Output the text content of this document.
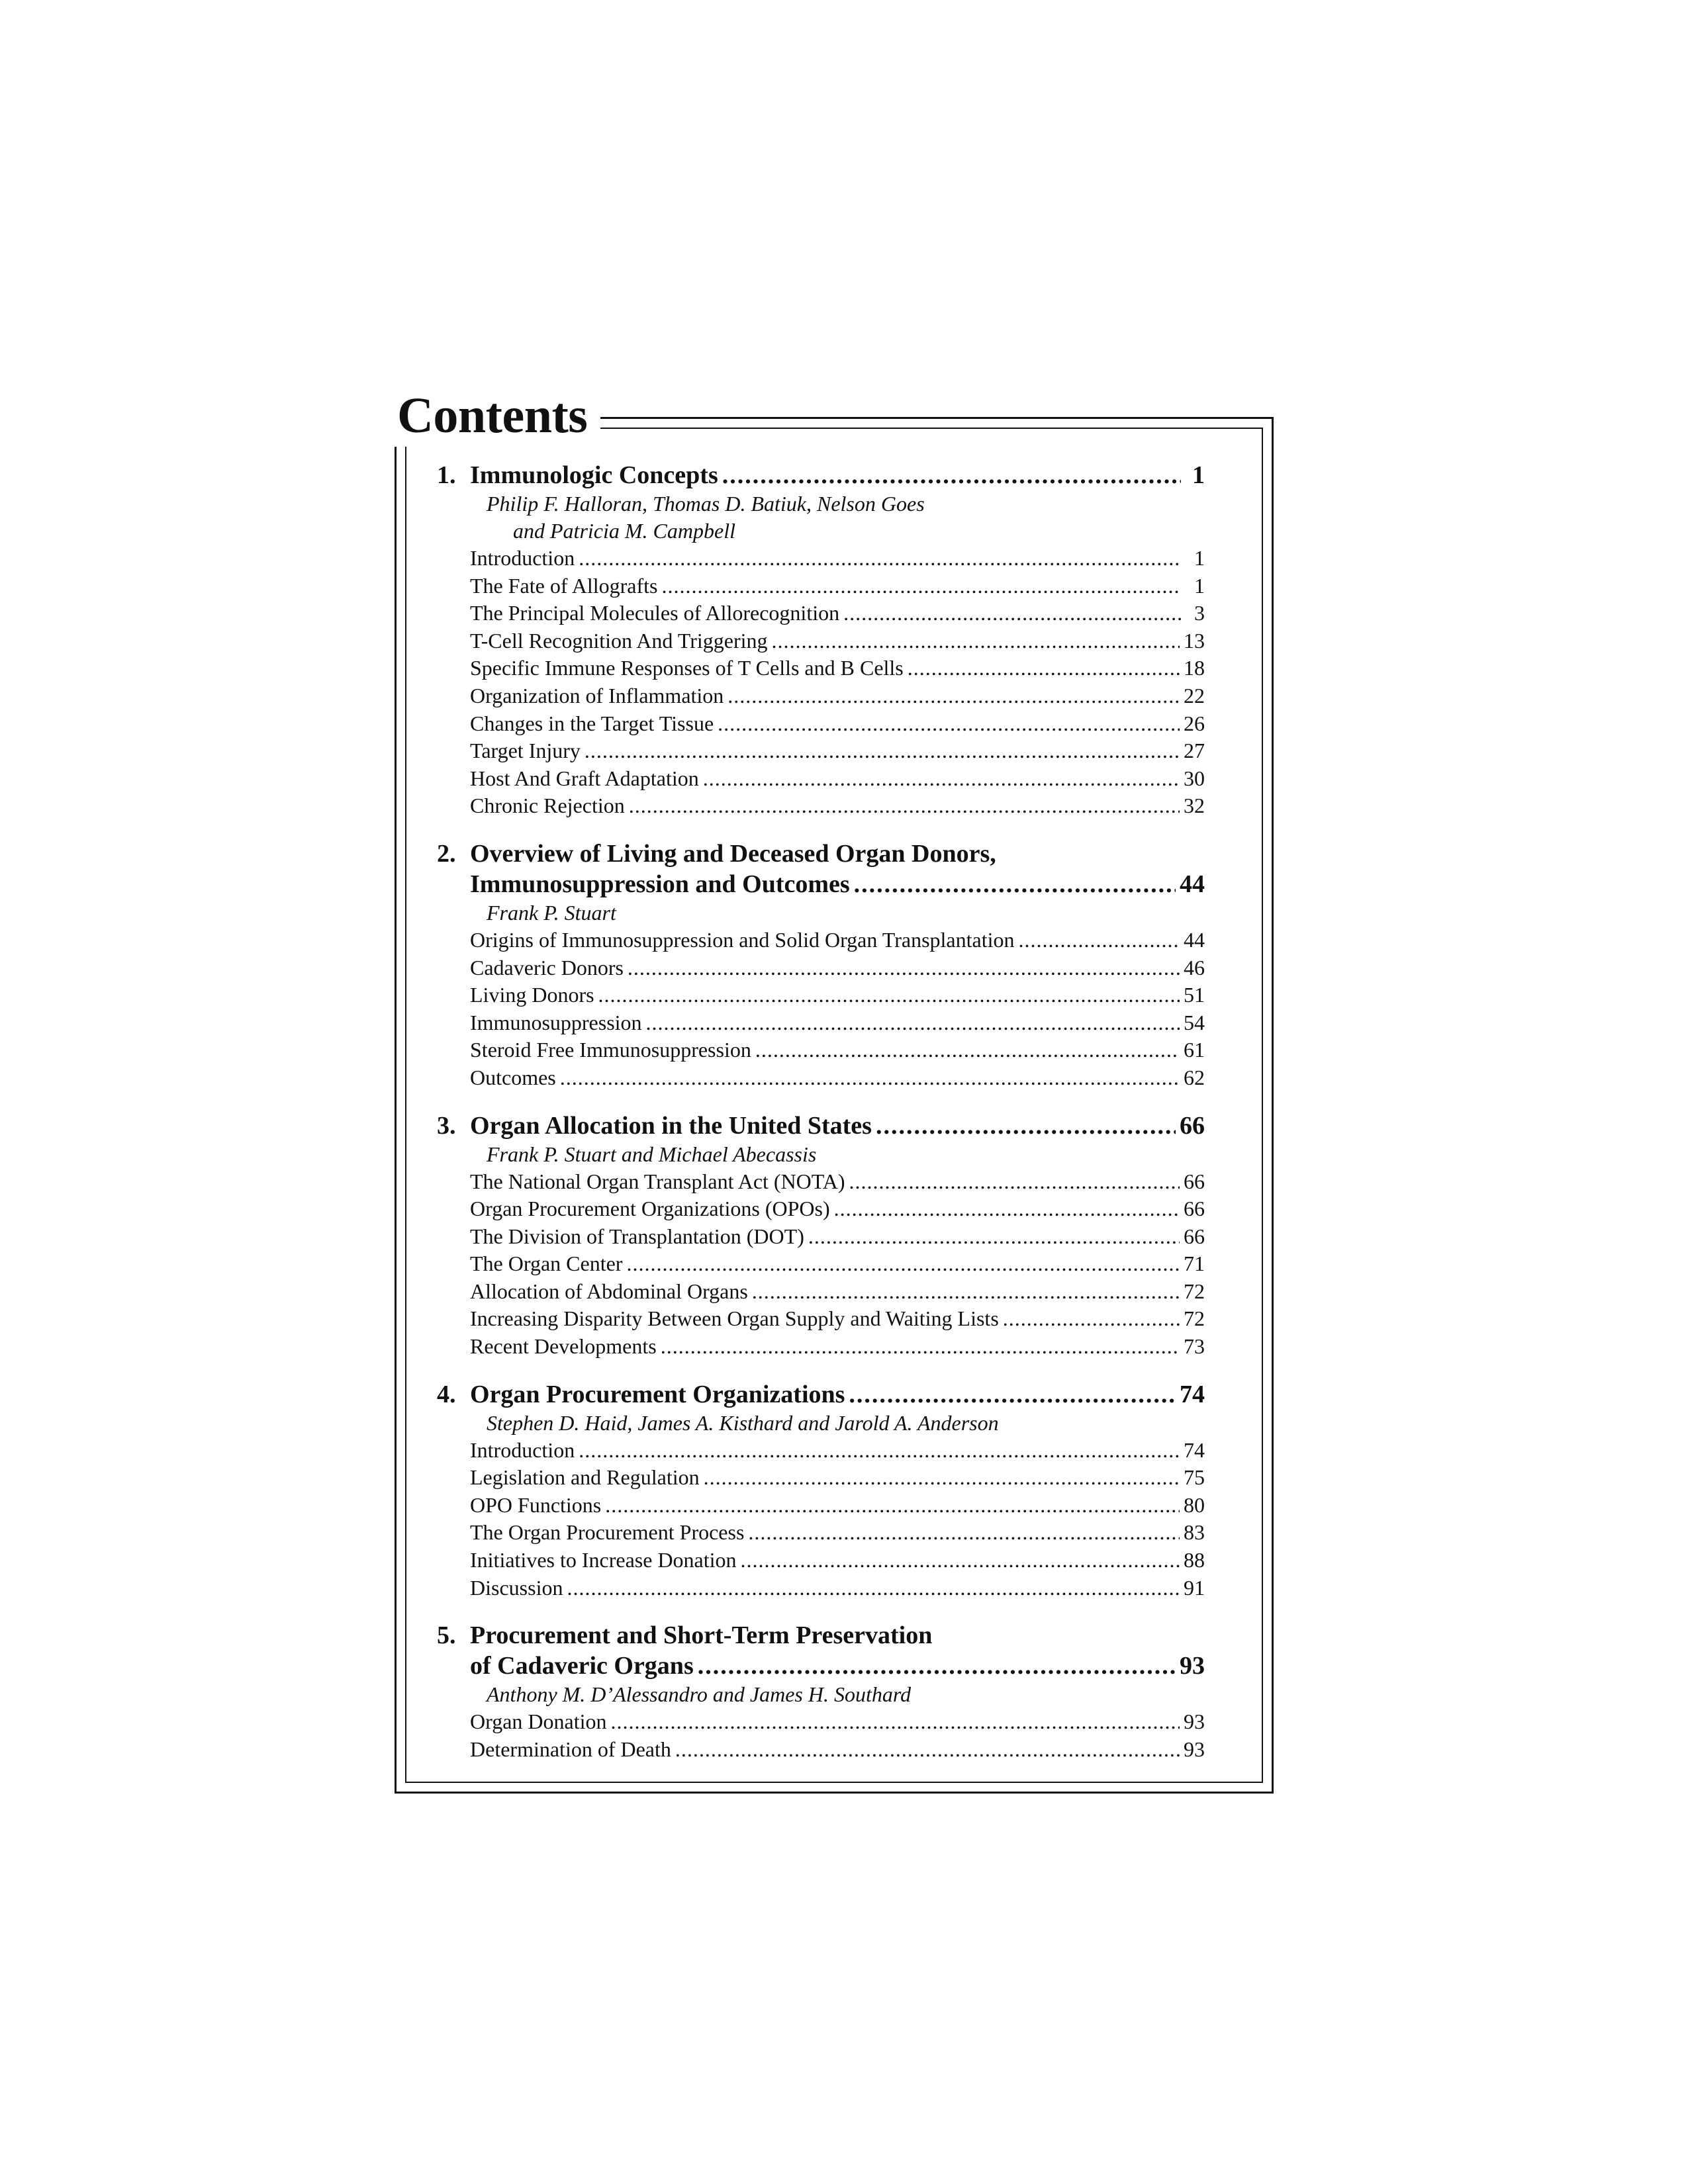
Contents
1. Immunologic Concepts .....	1
Philip F. Halloran, Thomas D. Batiuk, Nelson Goes
and Patricia M. Campbell
Introduction .....	1
The Fate of Allografts .....	1
The Principal Molecules of Allorecognition .....	3
T-Cell Recognition And Triggering .....	13
Specific Immune Responses of T Cells and B Cells .....	18
Organization of Inflammation .....	22
Changes in the Target Tissue .....	26
Target Injury .....	27
Host And Graft Adaptation .....	30
Chronic Rejection .....	32
2. Overview of Living and Deceased Organ Donors,
Immunosuppression and Outcomes .....	44
Frank P. Stuart
Origins of Immunosuppression and Solid Organ Transplantation .....	44
Cadaveric Donors .....	46
Living Donors .....	51
Immunosuppression .....	54
Steroid Free Immunosuppression .....	61
Outcomes .....	62
3. Organ Allocation in the United States .....	66
Frank P. Stuart and Michael Abecassis
The National Organ Transplant Act (NOTA) .....	66
Organ Procurement Organizations (OPOs) .....	66
The Division of Transplantation (DOT) .....	66
The Organ Center .....	71
Allocation of Abdominal Organs .....	72
Increasing Disparity Between Organ Supply and Waiting Lists .....	72
Recent Developments .....	73
4. Organ Procurement Organizations .....	74
Stephen D. Haid, James A. Kisthard and Jarold A. Anderson
Introduction .....	74
Legislation and Regulation .....	75
OPO Functions .....	80
The Organ Procurement Process .....	83
Initiatives to Increase Donation .....	88
Discussion .....	91
5. Procurement and Short-Term Preservation
of Cadaveric Organs .....	93
Anthony M. D’Alessandro and James H. Southard
Organ Donation .....	93
Determination of Death .....	93
